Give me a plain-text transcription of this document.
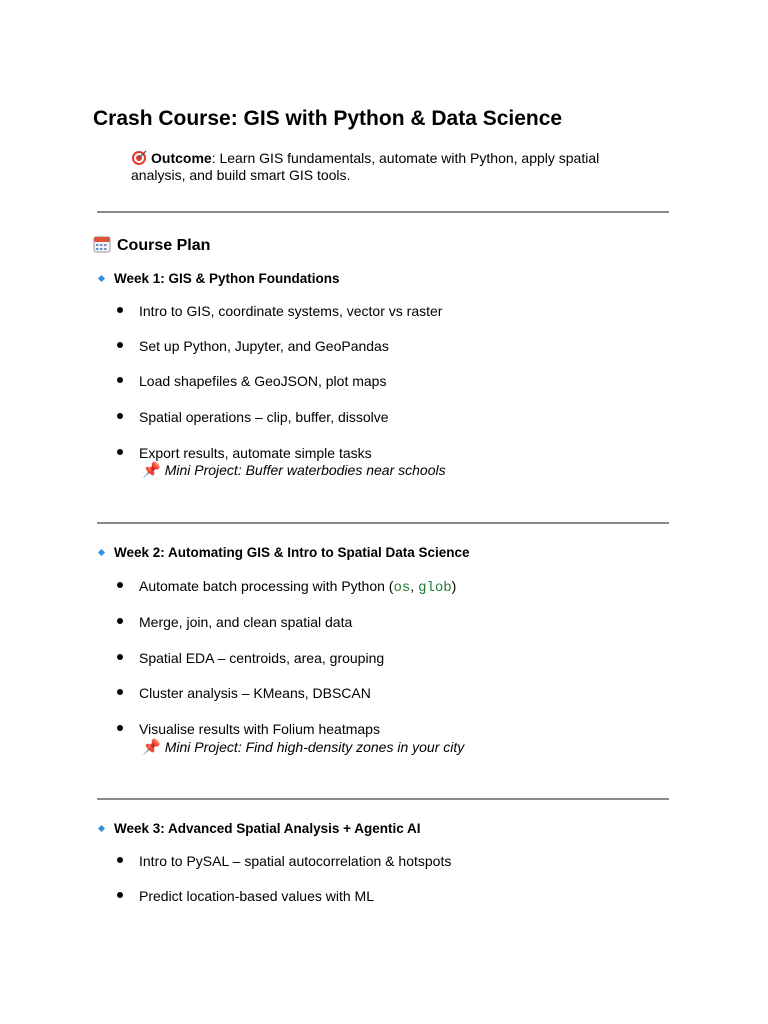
Crash Course: GIS with Python & Data Science

Outcome: Learn GIS fundamentals, automate with Python, apply spatial analysis, and build smart GIS tools.

Course Plan

Week 1: GIS & Python Foundations

Intro to GIS, coordinate systems, vector vs raster

Set up Python, Jupyter, and GeoPandas

Load shapefiles & GeoJSON, plot maps

Spatial operations – clip, buffer, dissolve

Export results, automate simple tasks

📌 Mini Project: Buffer waterbodies near schools

Week 2: Automating GIS & Intro to Spatial Data Science

Automate batch processing with Python (os, glob)

Merge, join, and clean spatial data

Spatial EDA – centroids, area, grouping

Cluster analysis – KMeans, DBSCAN

Visualise results with Folium heatmaps

📌 Mini Project: Find high-density zones in your city

Week 3: Advanced Spatial Analysis + Agentic AI

Intro to PySAL – spatial autocorrelation & hotspots

Predict location-based values with ML
